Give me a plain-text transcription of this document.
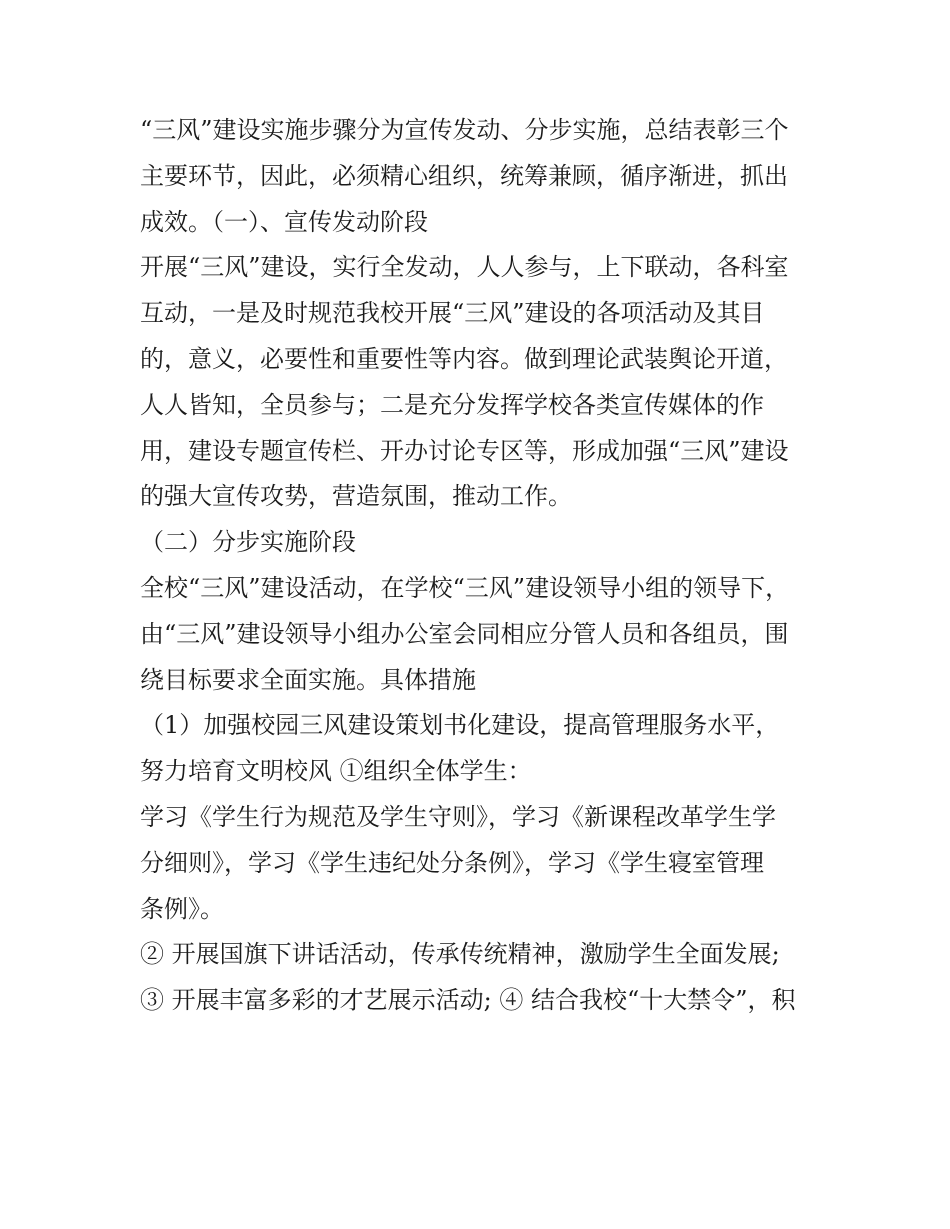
“三风”建设实施步骤分为宣传发动、分步实施，总结表彰三个
主要环节，因此，必须精心组织，统筹兼顾，循序渐进，抓出
成效。（一）、宣传发动阶段
开展“三风”建设，实行全发动，人人参与，上下联动，各科室
互动，一是及时规范我校开展“三风”建设的各项活动及其目
的，意义，必要性和重要性等内容。做到理论武装舆论开道，
人人皆知，全员参与；二是充分发挥学校各类宣传媒体的作
用，建设专题宣传栏、开办讨论专区等，形成加强“三风”建设
的强大宣传攻势，营造氛围，推动工作。
（二）分步实施阶段
全校“三风”建设活动，在学校“三风”建设领导小组的领导下，
由“三风”建设领导小组办公室会同相应分管人员和各组员，围
绕目标要求全面实施。具体措施
（1）加强校园三风建设策划书化建设，提高管理服务水平，
努力培育文明校风 ①组织全体学生：
学习《学生行为规范及学生守则》，学习《新课程改革学生学
分细则》，学习《学生违纪处分条例》，学习《学生寝室管理
条例》。
② 开展国旗下讲话活动，传承传统精神，激励学生全面发展;
③ 开展丰富多彩的才艺展示活动; ④ 结合我校“十大禁令”，积
